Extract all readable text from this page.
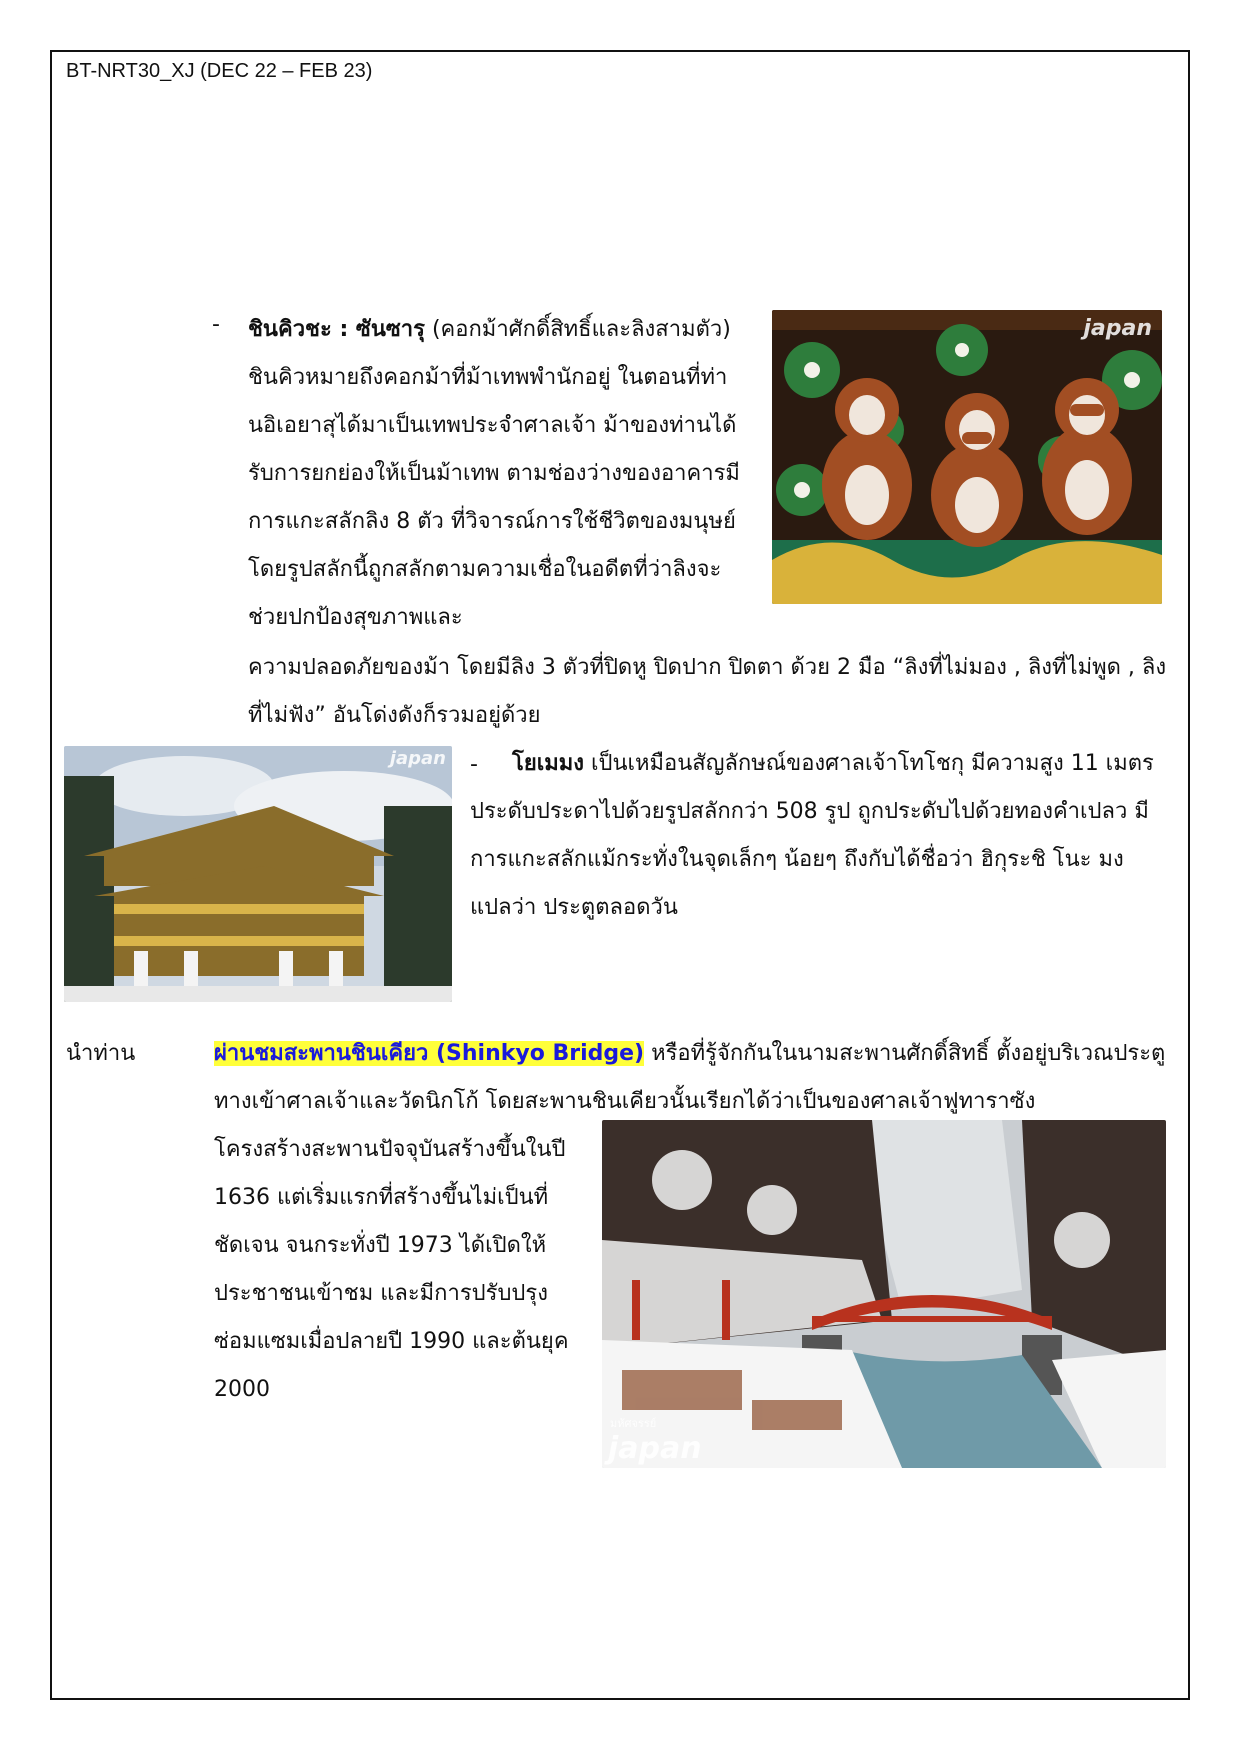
BT-NRT30_XJ (DEC 22 – FEB 23)
- ชินคิวชะ : ซันซารุ (คอกม้าศักดิ์สิทธิ์และลิงสามตัว) ชินคิวหมายถึงคอกม้าที่ม้าเทพพำนักอยู่ ในตอนที่ท่านอิเอยาสุได้มาเป็นเทพประจำศาลเจ้า ม้าของท่านได้รับการยกย่องให้เป็นม้าเทพ ตามช่องว่างของอาคารมีการแกะสลักลิง 8 ตัว ที่วิจารณ์การใช้ชีวิตของมนุษย์ โดยรูปสลักนี้ถูกสลักตามความเชื่อในอดีตที่ว่าลิงจะช่วยปกป้องสุขภาพและ
ความปลอดภัยของม้า โดยมีลิง 3 ตัวที่ปิดหู ปิดปาก ปิดตา ด้วย 2 มือ “ลิงที่ไม่มอง , ลิงที่ไม่พูด , ลิงที่ไม่ฟัง” อันโด่งดังก็รวมอยู่ด้วย
japan
japan -	โยเมมง เป็นเหมือนสัญลักษณ์ของศาลเจ้าโทโชกุ มีความสูง 11 เมตร ประดับประดาไปด้วยรูปสลักกว่า 508 รูป ถูกประดับไปด้วยทองคำเปลว มีการแกะสลักแม้กระทั่งในจุดเล็กๆ น้อยๆ ถึงกับได้ชื่อว่า ฮิกุระชิ โนะ มง แปลว่า ประตูตลอดวัน
นำท่าน	ผ่านชมสะพานชินเคียว (Shinkyo Bridge) หรือที่รู้จักกันในนามสะพานศักดิ์สิทธิ์ ตั้งอยู่บริเวณประตูทางเข้าศาลเจ้าและวัดนิกโก้ โดยสะพานชินเคียวนั้นเรียกได้ว่าเป็นของศาลเจ้าฟูทาราซัง
โครงสร้างสะพานปัจจุบันสร้างขึ้นในปี 1636 แต่เริ่มแรกที่สร้างขึ้นไม่เป็นที่ชัดเจน จนกระทั่งปี 1973 ได้เปิดให้ประชาชนเข้าชม และมีการปรับปรุงซ่อมแซมเมื่อปลายปี 1990 และต้นยุค 2000
มหัศจรรย์
japan
